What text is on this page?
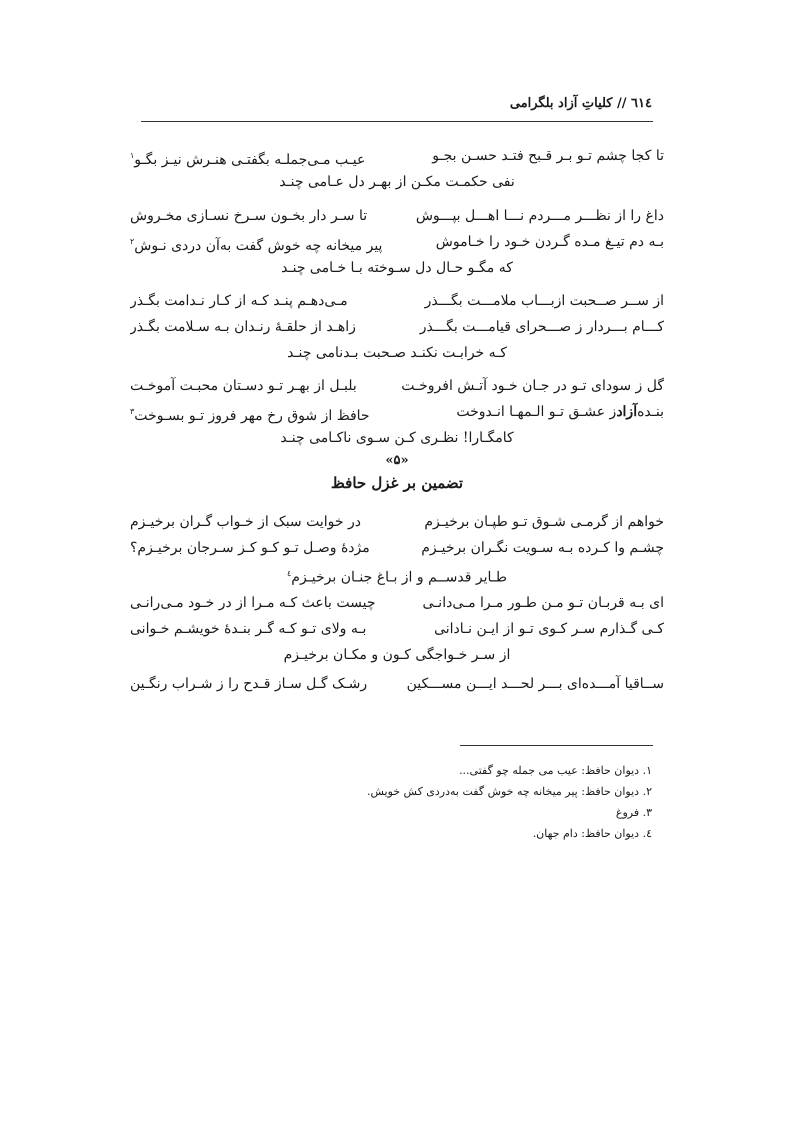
٦١٤ // کلیاتِ آزاد بلگرامی
تا کجا چشم تـو بـر قـبح فتـد حسـن بجـو
عیـب مـی‌جملـه بگفتـی هنـرش نیـز بگـو$^۱$
نفی حکمـت مکـن از بهـر دل عـامی چنـد
داغ را از نظـــر مـــردم نـــا اهـــل بپـــوش
تا سـر دار بخـون سـرخ نسـازی مخـروش
بـه دم تیـغ مـده گـردن خـود را خـاموش
پیر میخانه چه خوش گفت به‌آن دردی نـوش$^۲$
که مگـو حـال دل سـوخته بـا خـامی چنـد
از ســر صــحبت ازبـــاب ملامـــت بگـــذر
مـی‌دهـم پنـد کـه از کـار نـدامت بگـذر
کـــام بـــردار ز صـــحرای قیامـــت بگـــذر
زاهـد از حلقـهٔ رنـدان بـه سـلامت بگـذر
کـه خرابـت نکنـد صـحبت بـدنامی چنـد
گل ز سودای تـو در جـان خـود آتـش افروخـت
بلبـل از بهـر تـو دسـتان محبـت آموخـت
بنـدهآزادز عشـق تـو الـمهـا انـدوخت
حافظ از شوق رخ مهر فروز تـو بسـوخت$^۳$
کامگـارا! نظـری کـن سـوی ناکـامی چنـد
«۵»
تضمین بر غزل حافظ
خواهم از گرمـی شـوق تـو طپـان برخیـزم
در خوایت سبک از خـواب گـران برخیـزم
چشـم وا کـرده بـه سـویت نگـران برخیـزم
مژدهٔ وصـل تـو کـو کـز سـرجان برخیـزم؟
طـایر قدســم و از بـاغ جنـان برخیـزم$^٤$
ای بـه قربـان تـو مـن طـور مـرا مـی‌دانـی
چیست باعث کـه مـرا از در خـود مـی‌رانـی
کـی گـذارم سـر کـوی تـو از ایـن نـادانی
بـه ولای تـو کـه گـر بنـدهٔ خویشـم خـوانی
از سـر خـواجگی کـون و مکـان برخیـزم
ســاقیا آمـــده‌ای بـــر لحـــد ایـــن مســـکین
رشـک گـل سـاز قـدح را ز شـراب رنگـین
۱. دیوان حافظ: عیب می جمله چو گفتی...
۲. دیوان حافظ: پیر میخانه چه خوش گفت به‌دردی کش خویش.
۳. فروغ
٤. دیوان حافظ: دام جهان.
